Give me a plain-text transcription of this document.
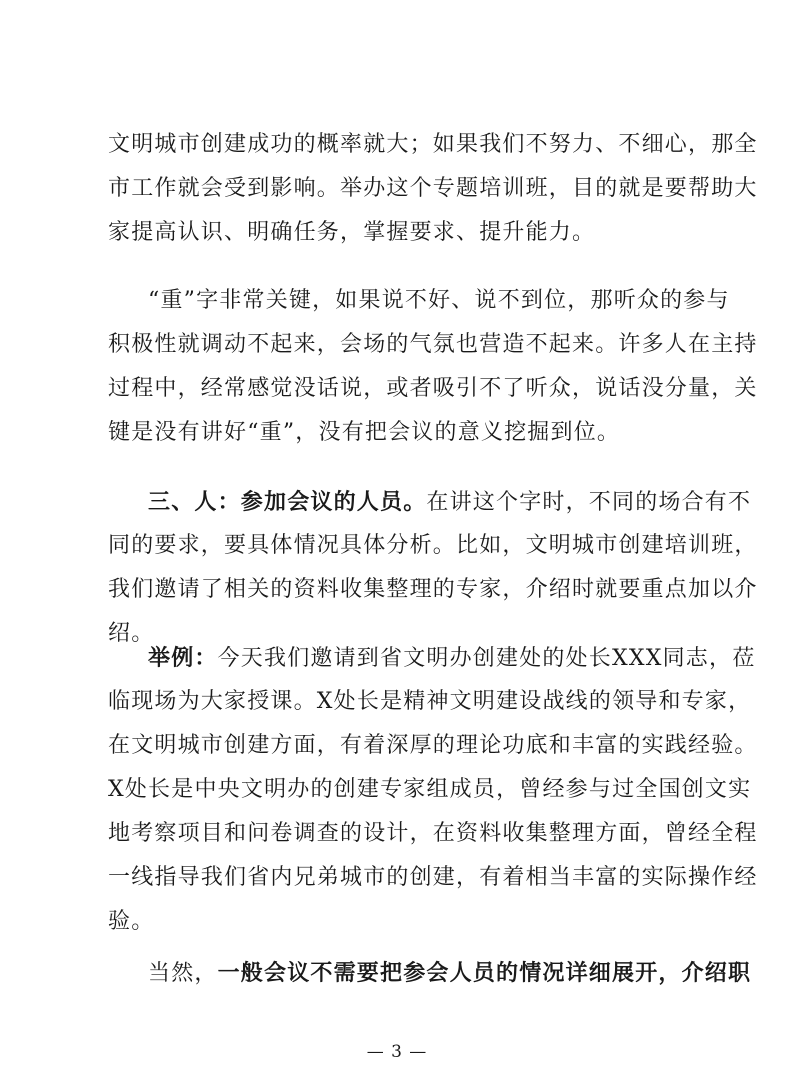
文明城市创建成功的概率就大；如果我们不努力、不细心，那全
市工作就会受到影响。举办这个专题培训班，目的就是要帮助大
家提高认识、明确任务，掌握要求、提升能力。
“重”字非常关键，如果说不好、说不到位，那听众的参与
积极性就调动不起来，会场的气氛也营造不起来。许多人在主持
过程中，经常感觉没话说，或者吸引不了听众，说话没分量，关
键是没有讲好“重”，没有把会议的意义挖掘到位。
三、人：参加会议的人员。在讲这个字时，不同的场合有不
同的要求，要具体情况具体分析。比如，文明城市创建培训班，
我们邀请了相关的资料收集整理的专家，介绍时就要重点加以介
绍。
举例：今天我们邀请到省文明办创建处的处长XXX同志，莅
临现场为大家授课。X处长是精神文明建设战线的领导和专家，
在文明城市创建方面，有着深厚的理论功底和丰富的实践经验。
X处长是中央文明办的创建专家组成员，曾经参与过全国创文实
地考察项目和问卷调查的设计，在资料收集整理方面，曾经全程
一线指导我们省内兄弟城市的创建，有着相当丰富的实际操作经
验。
当然，一般会议不需要把参会人员的情况详细展开，介绍职
— 3 —
